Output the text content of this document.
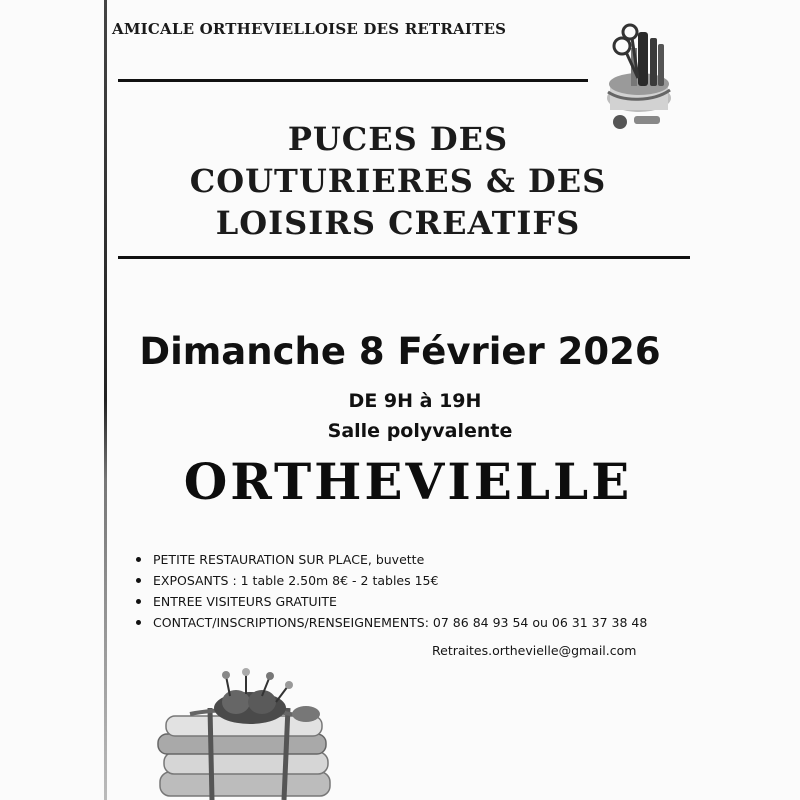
AMICALE ORTHEVIELLOISE DES RETRAITES
PUCES DES
COUTURIERES & DES
LOISIRS CREATIFS
Dimanche 8 Février 2026
DE 9H à 19H
Salle polyvalente
ORTHEVIELLE
PETITE RESTAURATION SUR PLACE, buvette
EXPOSANTS : 1 table 2.50m 8€ - 2 tables 15€
ENTREE VISITEURS GRATUITE
CONTACT/INSCRIPTIONS/RENSEIGNEMENTS: 07 86 84 93 54 ou 06 31 37 38 48
Retraites.orthevielle@gmail.com
